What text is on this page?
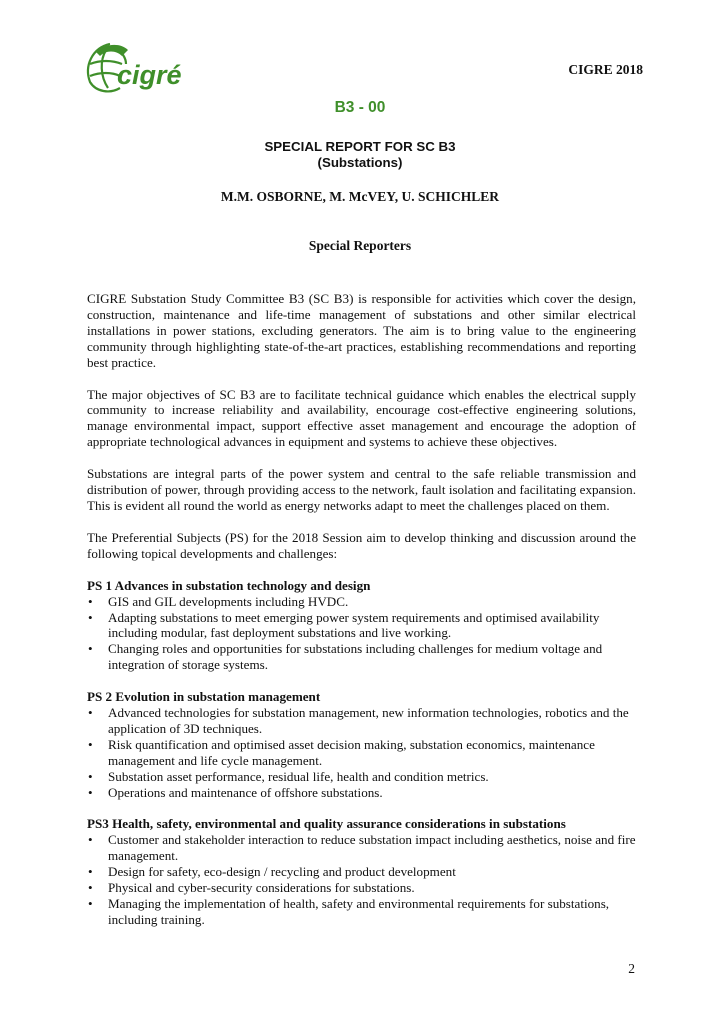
cigré	CIGRE 2018
B3 - 00
SPECIAL REPORT FOR SC B3
(Substations)
M.M. OSBORNE, M. McVEY, U. SCHICHLER
Special Reporters

CIGRE Substation Study Committee B3 (SC B3) is responsible for activities which cover the design, construction, maintenance and life-time management of substations and other similar electrical installations in power stations, excluding generators. The aim is to bring value to the engineering community through highlighting state-of-the-art practices, establishing recommendations and reporting best practice.

The major objectives of SC B3 are to facilitate technical guidance which enables the electrical supply community to increase reliability and availability, encourage cost-effective engineering solutions, manage environmental impact, support effective asset management and encourage the adoption of appropriate technological advances in equipment and systems to achieve these objectives.

Substations are integral parts of the power system and central to the safe reliable transmission and distribution of power, through providing access to the network, fault isolation and facilitating expansion. This is evident all round the world as energy networks adapt to meet the challenges placed on them.

The Preferential Subjects (PS) for the 2018 Session aim to develop thinking and discussion around the following topical developments and challenges:

PS 1 Advances in substation technology and design
• GIS and GIL developments including HVDC.
• Adapting substations to meet emerging power system requirements and optimised availability including modular, fast deployment substations and live working.
• Changing roles and opportunities for substations including challenges for medium voltage and integration of storage systems.
PS 2 Evolution in substation management
• Advanced technologies for substation management, new information technologies, robotics and the application of 3D techniques.
• Risk quantification and optimised asset decision making, substation economics, maintenance management and life cycle management.
• Substation asset performance, residual life, health and condition metrics.
• Operations and maintenance of offshore substations.
PS3 Health, safety, environmental and quality assurance considerations in substations
• Customer and stakeholder interaction to reduce substation impact including aesthetics, noise and fire management.
• Design for safety, eco-design / recycling and product development
• Physical and cyber-security considerations for substations.
• Managing the implementation of health, safety and environmental requirements for substations, including training.
2
